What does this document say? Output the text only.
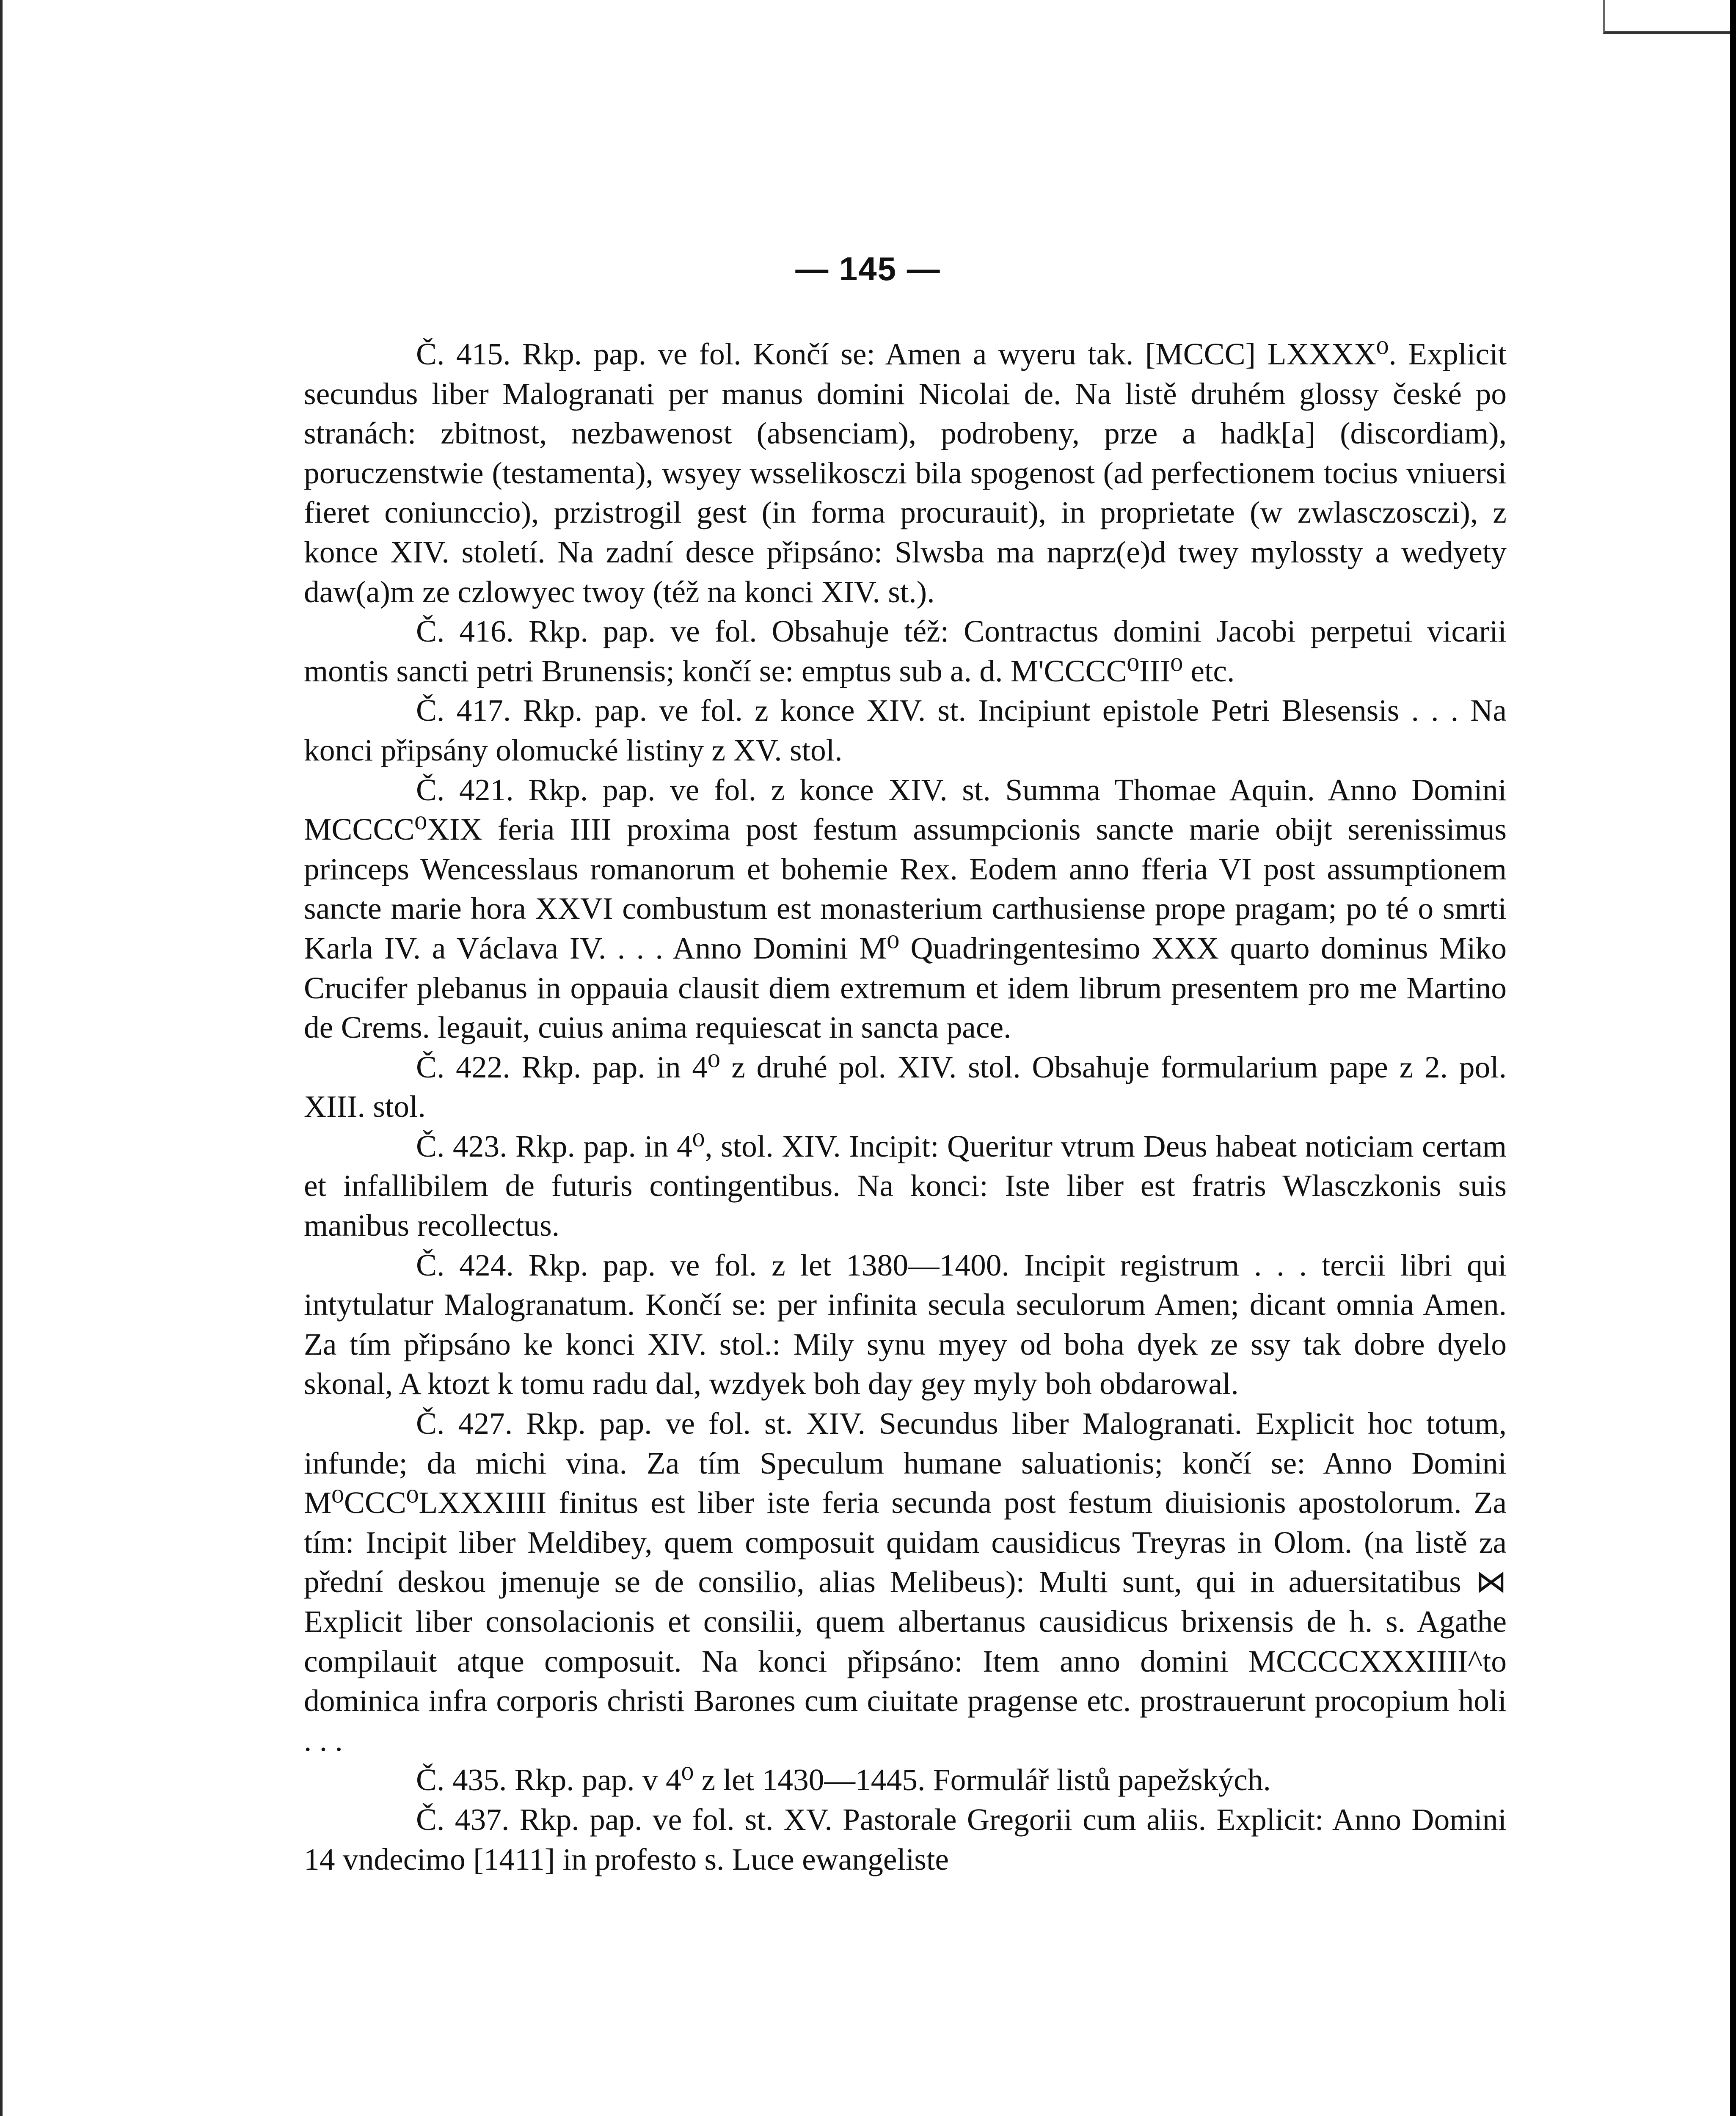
— 145 —

Č. 415. Rkp. pap. ve fol. Končí se: Amen a wyeru tak. [MCCC] LXXXX⁰. Explicit secundus liber Malogranati per manus domini Nicolai de. Na listě druhém glossy české po stranách: zbitnost, nezbawenost (absenciam), podrobeny, prze a hadk[a] (discordiam), poruczenstwie (testamenta), wsyey wsselikosczi bila spogenost (ad perfectionem tocius vniuersi fieret coniunccio), przistrogil gest (in forma procurauit), in proprietate (w zwlasczosczi), z konce XIV. století. Na zadní desce připsáno: Slwsba ma naprz(e)d twey mylossty a wedyety daw(a)m ze czlowyec twoy (též na konci XIV. st.).

Č. 416. Rkp. pap. ve fol. Obsahuje též: Contractus domini Jacobi perpetui vicarii montis sancti petri Brunensis; končí se: emptus sub a. d. M'CCCC⁰III⁰ etc.

Č. 417. Rkp. pap. ve fol. z konce XIV. st. Incipiunt epistole Petri Blesensis . . . Na konci připsány olomucké listiny z XV. stol.

Č. 421. Rkp. pap. ve fol. z konce XIV. st. Summa Thomae Aquin. Anno Domini MCCCC⁰XIX feria IIII proxima post festum assumpcionis sancte marie obijt serenissimus princeps Wencesslaus romanorum et bohemie Rex. Eodem anno fferia VI post assumptionem sancte marie hora XXVI combustum est monasterium carthusiense prope pragam; po té o smrti Karla IV. a Václava IV. . . . Anno Domini M⁰ Quadringentesimo XXX quarto dominus Miko Crucifer plebanus in oppauia clausit diem extremum et idem librum presentem pro me Martino de Crems. legauit, cuius anima requiescat in sancta pace.

Č. 422. Rkp. pap. in 4⁰ z druhé pol. XIV. stol. Obsahuje formularium pape z 2. pol. XIII. stol.

Č. 423. Rkp. pap. in 4⁰, stol. XIV. Incipit: Queritur vtrum Deus habeat noticiam certam et infallibilem de futuris contingentibus. Na konci: Iste liber est fratris Wlasczkonis suis manibus recollectus.

Č. 424. Rkp. pap. ve fol. z let 1380—1400. Incipit registrum . . . tercii libri qui intytulatur Malogranatum. Končí se: per infinita secula seculorum Amen; dicant omnia Amen. Za tím připsáno ke konci XIV. stol.: Mily synu myey od boha dyek ze ssy tak dobre dyelo skonal, A ktozt k tomu radu dal, wzdyek boh day gey myly boh obdarowal.

Č. 427. Rkp. pap. ve fol. st. XIV. Secundus liber Malogranati. Explicit hoc totum, infunde; da michi vina. Za tím Speculum humane saluationis; končí se: Anno Domini M⁰CCC⁰LXXXIIII finitus est liber iste feria secunda post festum diuisionis apostolorum. Za tím: Incipit liber Meldibey, quem composuit quidam causidicus Treyras in Olom. (na listě za přední deskou jmenuje se de consilio, alias Melibeus): Multi sunt, qui in aduersitatibus ⋈ Explicit liber consolacionis et consilii, quem albertanus causidicus brixensis de h. s. Agathe compilauit atque composuit. Na konci připsáno: Item anno domini MCCCCXXXIIII^to dominica infra corporis christi Barones cum ciuitate pragense etc. prostrauerunt procopium holi . . .

Č. 435. Rkp. pap. v 4⁰ z let 1430—1445. Formulář listů papežských.

Č. 437. Rkp. pap. ve fol. st. XV. Pastorale Gregorii cum aliis. Explicit: Anno Domini 14 vndecimo [1411] in profesto s. Luce ewangeliste
